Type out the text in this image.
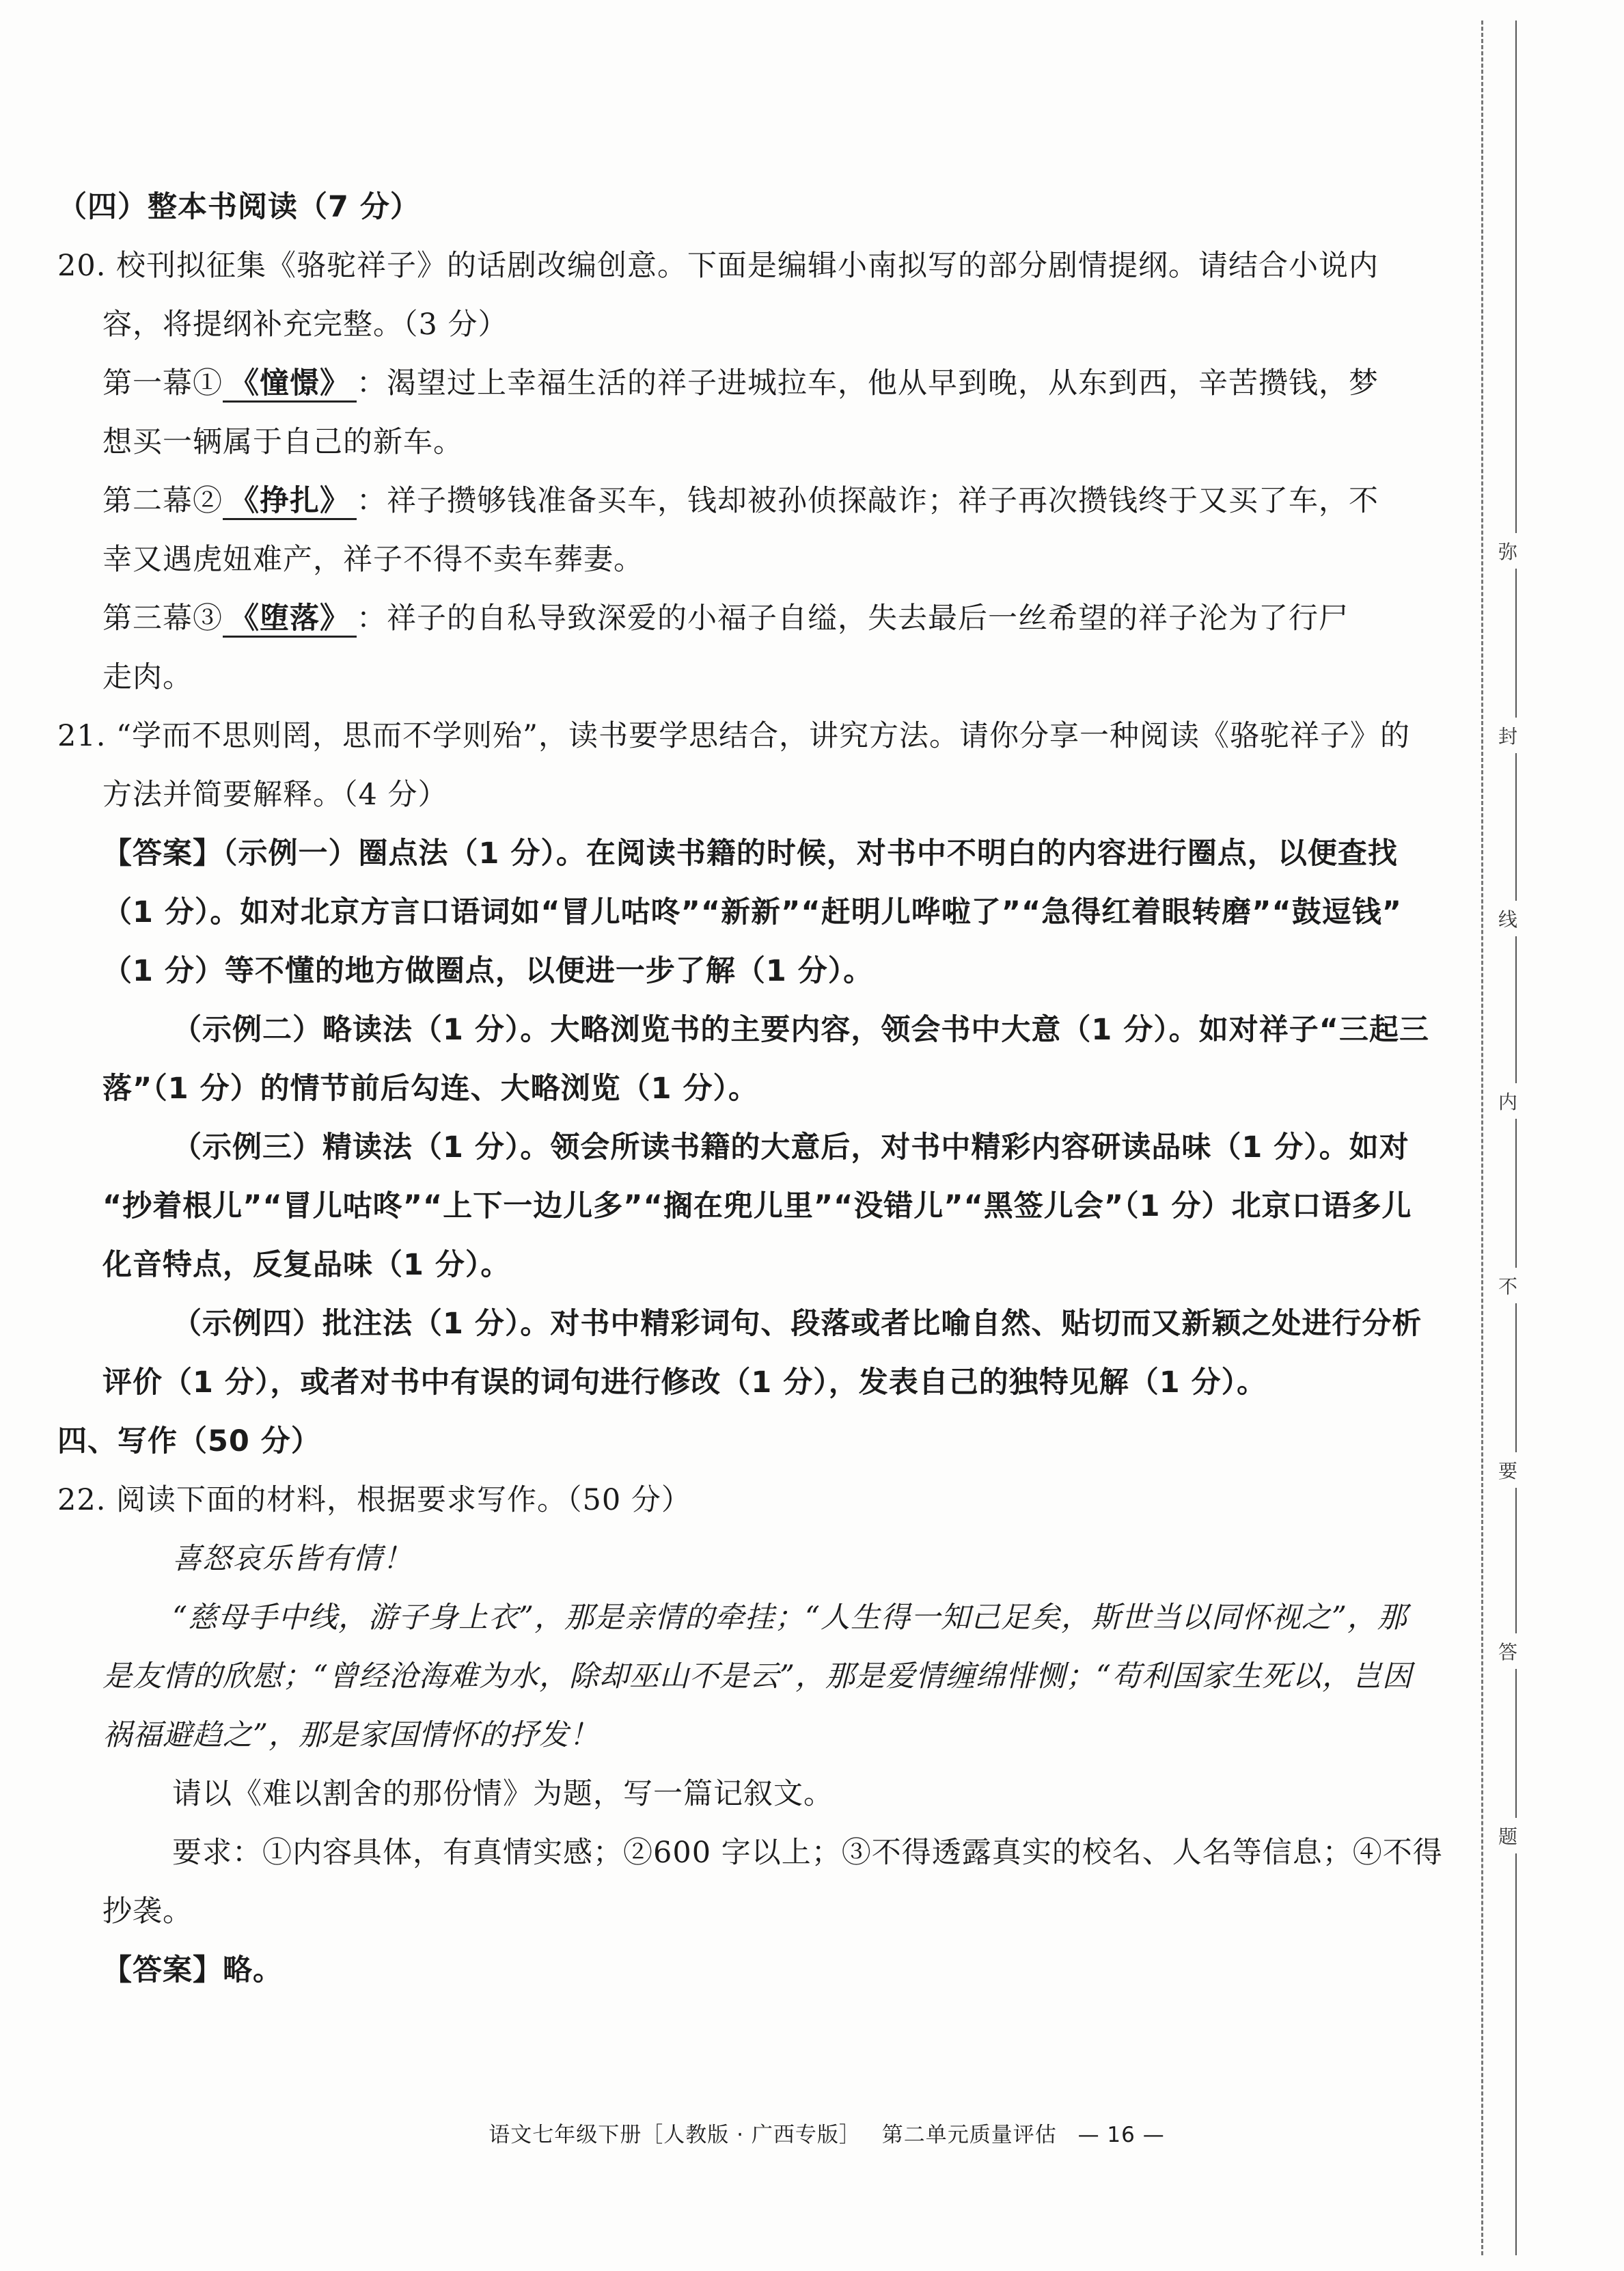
（四）整本书阅读（7 分）
20. 校刊拟征集《骆驼祥子》的话剧改编创意。下面是编辑小南拟写的部分剧情提纲。请结合小说内
容，将提纲补充完整。（3 分）
第一幕① 《憧憬》 ：渴望过上幸福生活的祥子进城拉车，他从早到晚，从东到西，辛苦攒钱，梦
想买一辆属于自己的新车。
第二幕② 《挣扎》 ：祥子攒够钱准备买车，钱却被孙侦探敲诈；祥子再次攒钱终于又买了车，不
幸又遇虎妞难产，祥子不得不卖车葬妻。
第三幕③ 《堕落》 ：祥子的自私导致深爱的小福子自缢，失去最后一丝希望的祥子沦为了行尸
走肉。
21. “学而不思则罔，思而不学则殆”，读书要学思结合，讲究方法。请你分享一种阅读《骆驼祥子》的
方法并简要解释。（4 分）
【答案】（示例一）圈点法（1 分）。在阅读书籍的时候，对书中不明白的内容进行圈点，以便查找
（1 分）。如对北京方言口语词如“冒儿咕咚”“新新”“赶明儿哗啦了”“急得红着眼转磨”“鼓逗钱”
（1 分）等不懂的地方做圈点，以便进一步了解（1 分）。
（示例二）略读法（1 分）。大略浏览书的主要内容，领会书中大意（1 分）。如对祥子“三起三
落”（1 分）的情节前后勾连、大略浏览（1 分）。
（示例三）精读法（1 分）。领会所读书籍的大意后，对书中精彩内容研读品味（1 分）。如对
“抄着根儿”“冒儿咕咚”“上下一边儿多”“搁在兜儿里”“没错儿”“黑签儿会”（1 分）北京口语多儿
化音特点，反复品味（1 分）。
（示例四）批注法（1 分）。对书中精彩词句、段落或者比喻自然、贴切而又新颖之处进行分析
评价（1 分），或者对书中有误的词句进行修改（1 分），发表自己的独特见解（1 分）。
四、写作（50 分）
22. 阅读下面的材料，根据要求写作。（50 分）
喜怒哀乐皆有情！
“慈母手中线，游子身上衣”，那是亲情的牵挂；“人生得一知己足矣，斯世当以同怀视之”，那
是友情的欣慰；“曾经沧海难为水，除却巫山不是云”，那是爱情缠绵悱恻；“苟利国家生死以，岂因
祸福避趋之”，那是家国情怀的抒发！
请以《难以割舍的那份情》为题，写一篇记叙文。
要求：①内容具体，有真情实感；②600 字以上；③不得透露真实的校名、人名等信息；④不得
抄袭。
【答案】略。
语文七年级下册［人教版 · 广西专版］ 第二单元质量评估 — 16 —
弥
封
线
内
不
要
答
题
